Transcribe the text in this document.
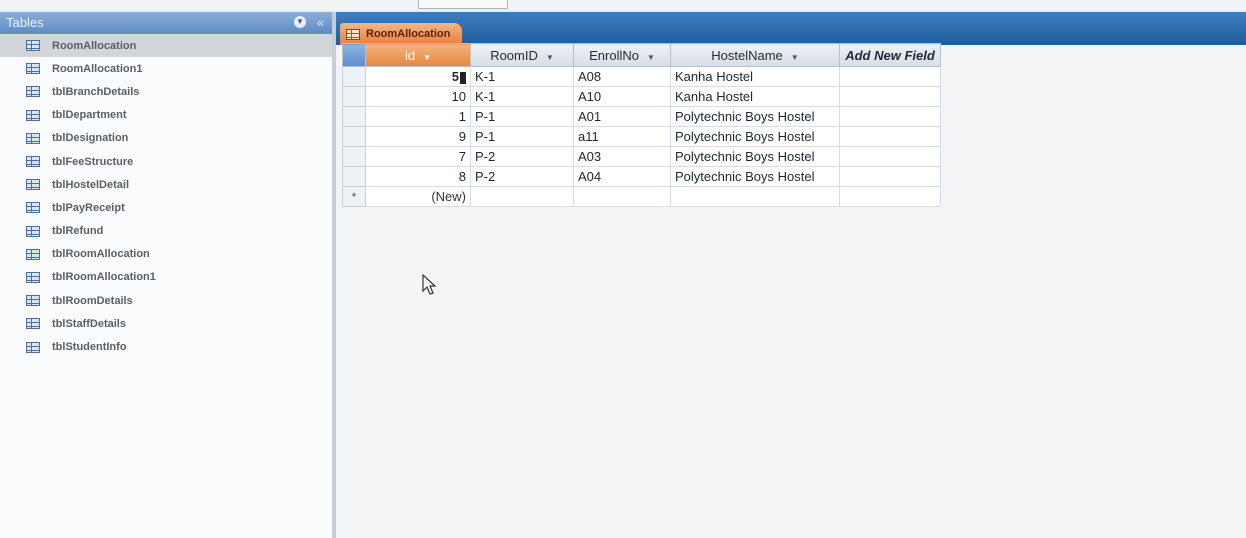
Tables	▼ «
RoomAllocation
RoomAllocation1
tblBranchDetails
tblDepartment
tblDesignation
tblFeeStructure
tblHostelDetail
tblPayReceipt
tblRefund
tblRoomAllocation
tblRoomAllocation1
tblRoomDetails
tblStaffDetails
tblStudentInfo
RoomAllocation
	id ▼	RoomID ▼	EnrollNo ▼	HostelName ▼	Add New Field
	5	K-1	A08	Kanha Hostel	
	10	K-1	A10	Kanha Hostel	
	1	P-1	A01	Polytechnic Boys Hostel	
	9	P-1	a11	Polytechnic Boys Hostel	
	7	P-2	A03	Polytechnic Boys Hostel	
	8	P-2	A04	Polytechnic Boys Hostel	
*	(New)				
